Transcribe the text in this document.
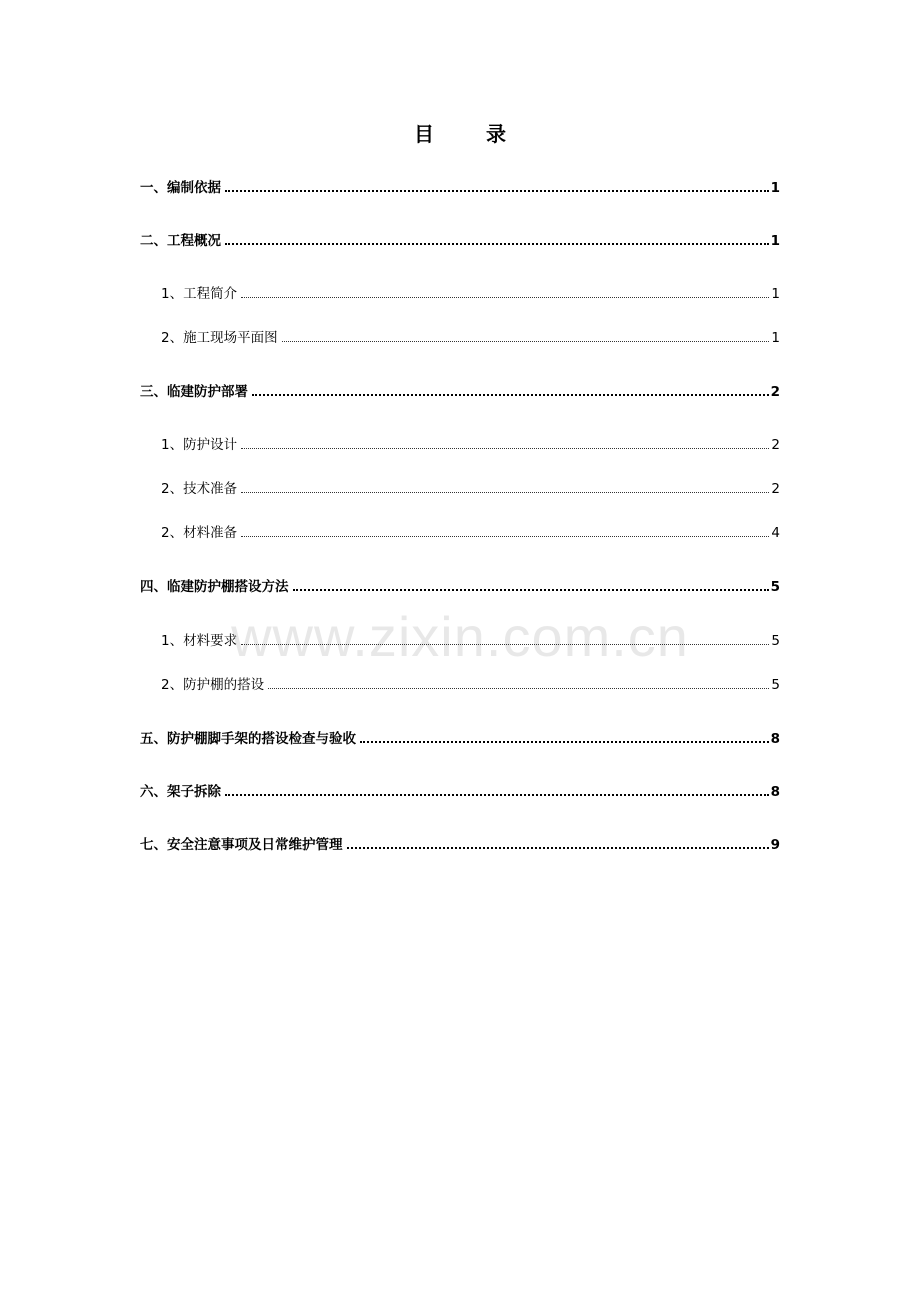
目	录
一、编制依据	1
二、工程概况	1
1、工程简介	1
2、施工现场平面图	1
三、临建防护部署	2
1、防护设计	2
2、技术准备	2
2、材料准备	4
四、临建防护棚搭设方法	5
1、材料要求	5
2、防护棚的搭设	5
五、防护棚脚手架的搭设检查与验收	8
六、架子拆除	8
七、安全注意事项及日常维护管理	9
www.zixin.com.cn
